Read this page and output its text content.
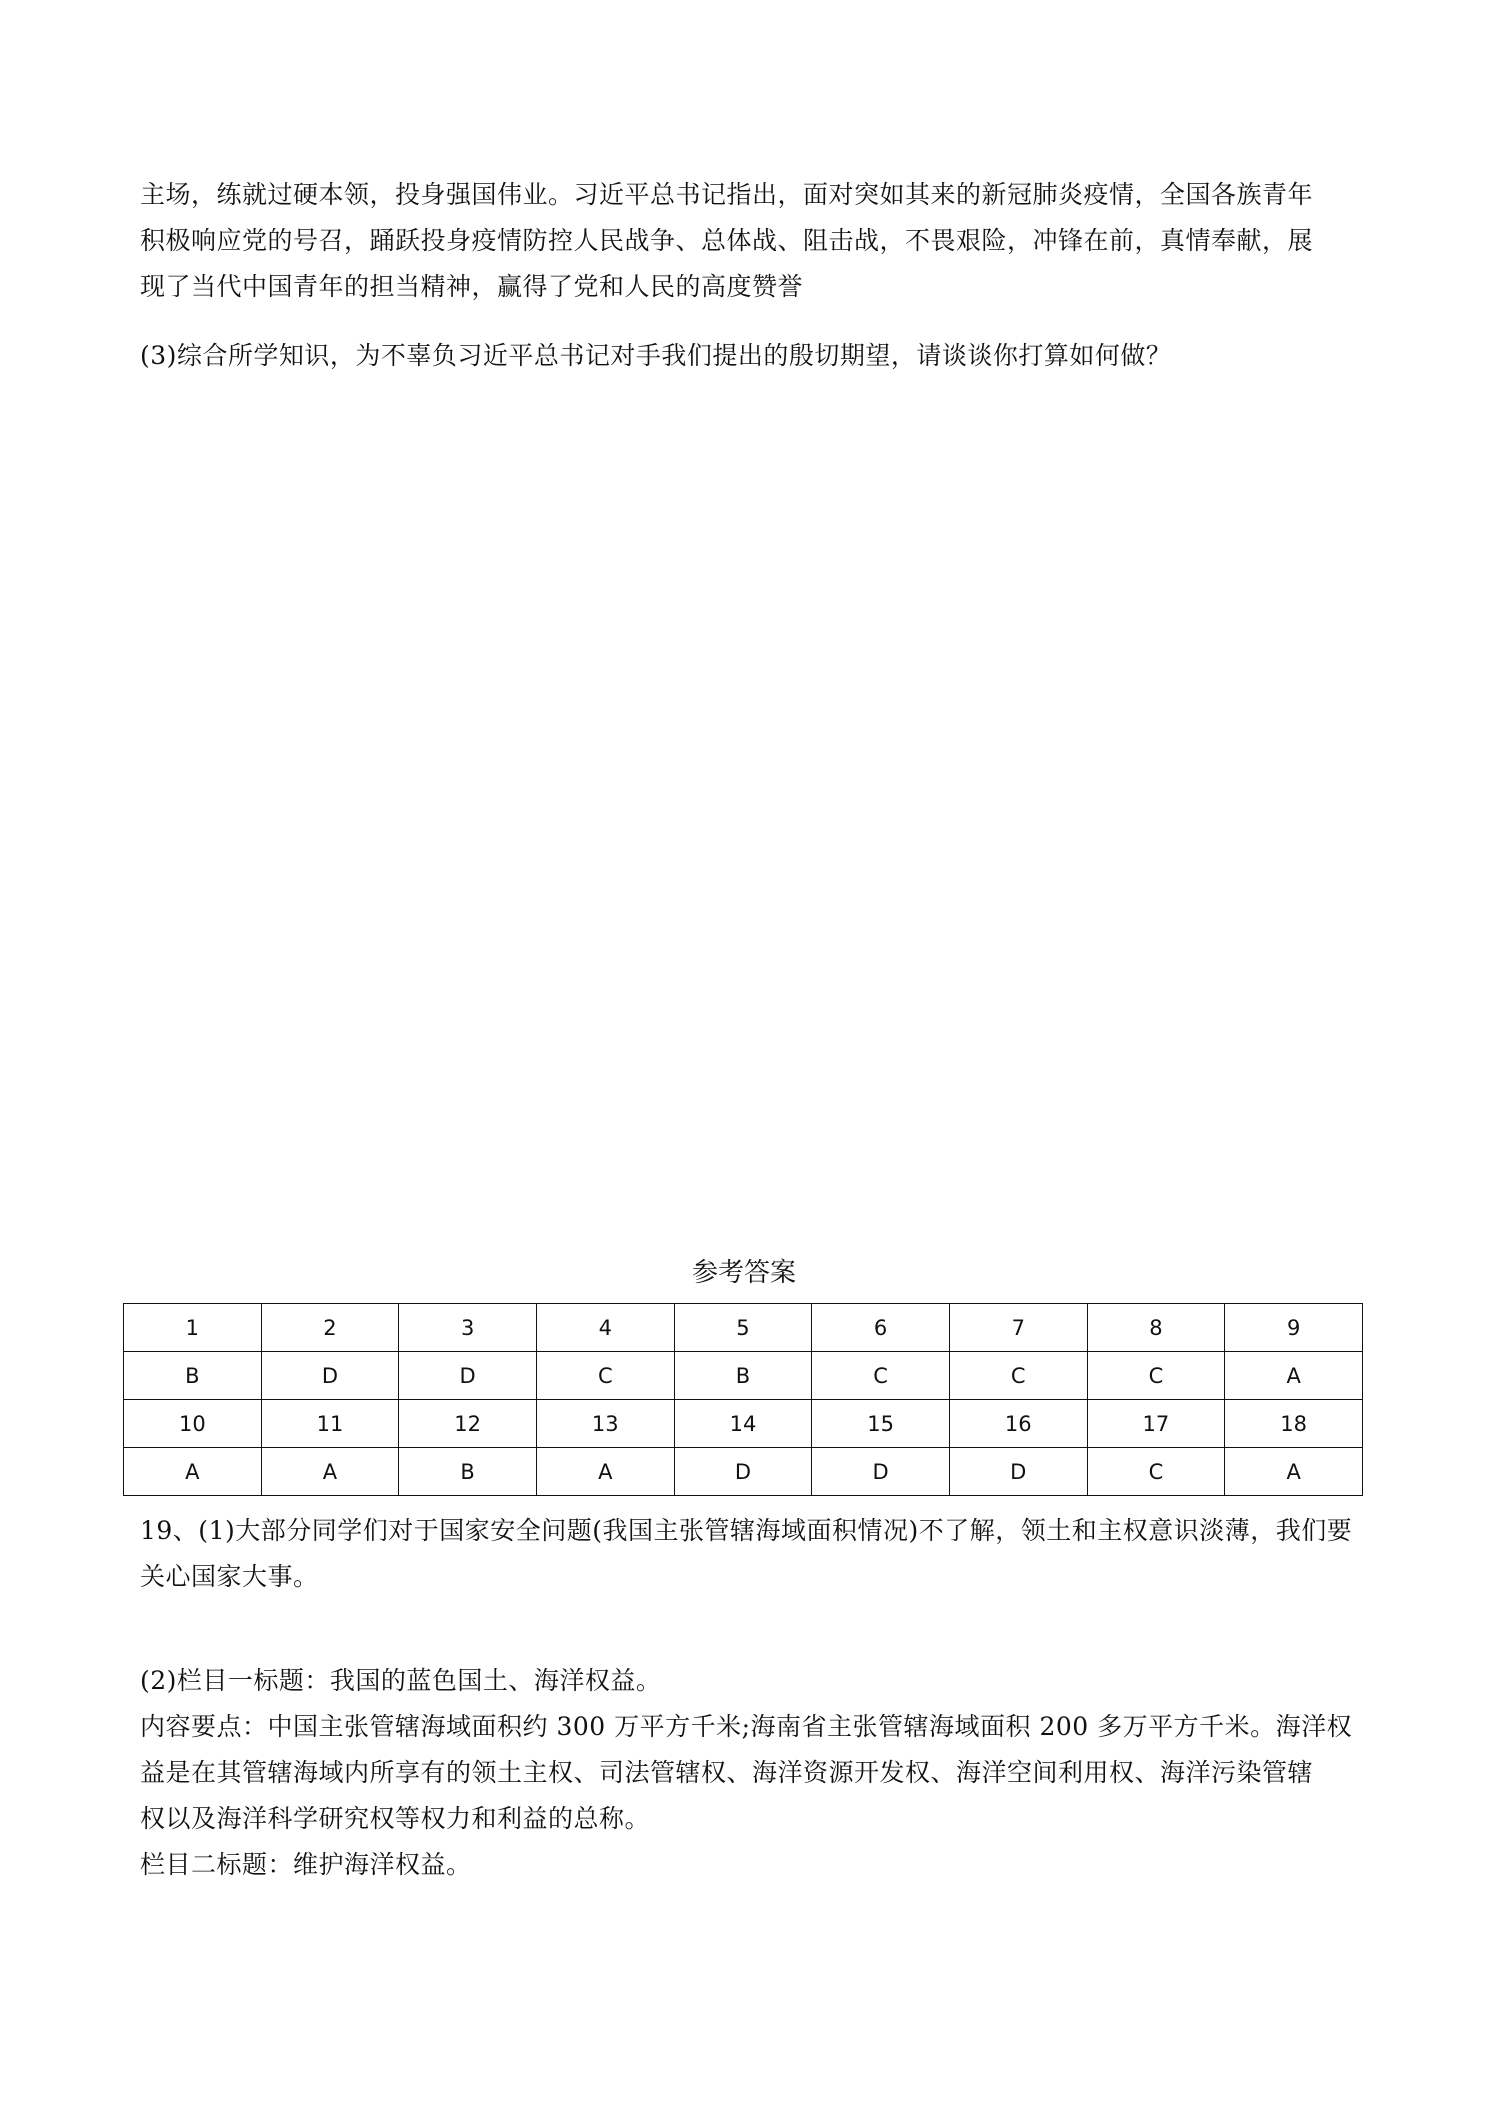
主场，练就过硬本领，投身强国伟业。习近平总书记指出，面对突如其来的新冠肺炎疫情，全国各族青年
积极响应党的号召，踊跃投身疫情防控人民战争、总体战、阻击战，不畏艰险，冲锋在前，真情奉献，展
现了当代中国青年的担当精神，赢得了党和人民的高度赞誉
(3)综合所学知识，为不辜负习近平总书记对手我们提出的殷切期望，请谈谈你打算如何做？
参考答案
1	2	3	4	5	6	7	8	9
B	D	D	C	B	C	C	C	A
10	11	12	13	14	15	16	17	18
A	A	B	A	D	D	D	C	A
19、(1)大部分同学们对于国家安全问题(我国主张管辖海域面积情况)不了解，领土和主权意识淡薄，我们要
关心国家大事。
(2)栏目一标题：我国的蓝色国土、海洋权益。
内容要点：中国主张管辖海域面积约 300 万平方千米;海南省主张管辖海域面积 200 多万平方千米。海洋权
益是在其管辖海域内所享有的领土主权、司法管辖权、海洋资源开发权、海洋空间利用权、海洋污染管辖
权以及海洋科学研究权等权力和利益的总称。
栏目二标题：维护海洋权益。
